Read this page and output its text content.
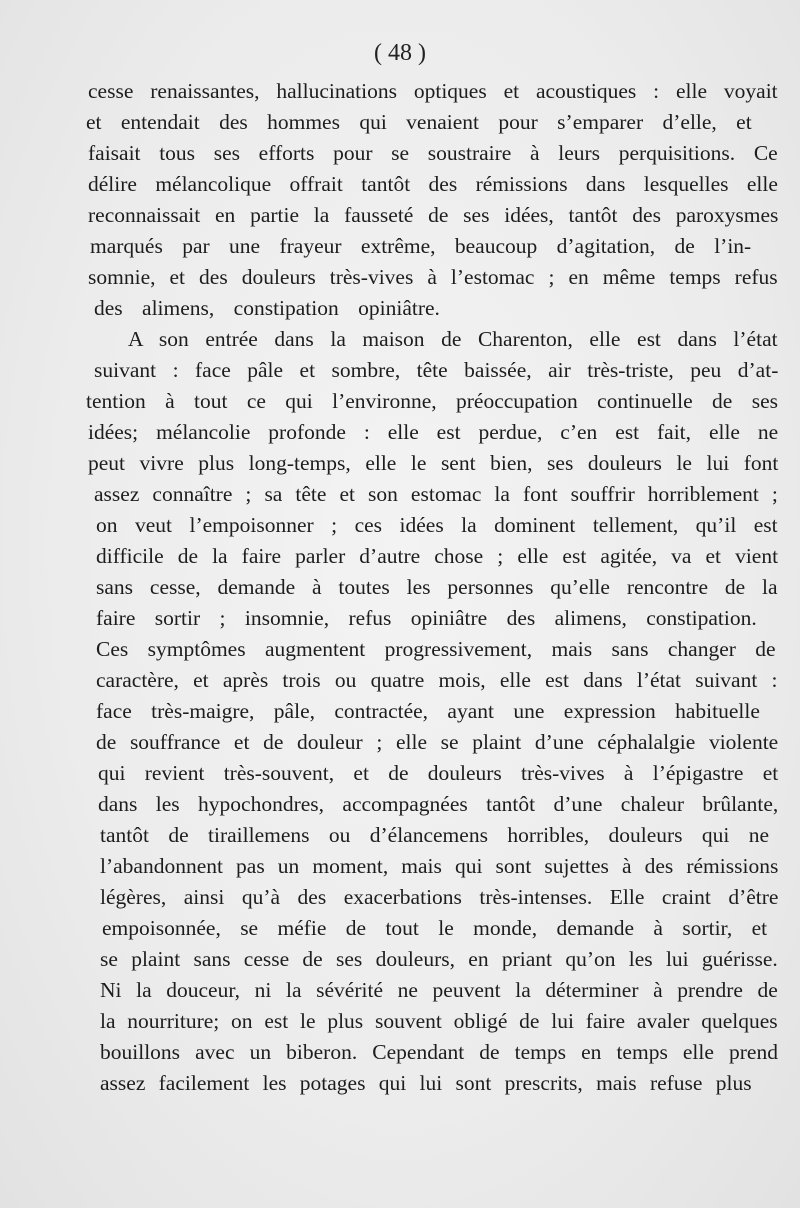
( 48 )
cesse renaissantes, hallucinations optiques et acoustiques : elle voyait
et entendait des hommes qui venaient pour s’emparer d’elle, et
faisait tous ses efforts pour se soustraire à leurs perquisitions. Ce
délire mélancolique offrait tantôt des rémissions dans lesquelles elle
reconnaissait en partie la fausseté de ses idées, tantôt des paroxysmes
marqués par une frayeur extrême, beaucoup d’agitation, de l’in-
somnie, et des douleurs très-vives à l’estomac ; en même temps refus
des alimens, constipation opiniâtre.
A son entrée dans la maison de Charenton, elle est dans l’état
suivant : face pâle et sombre, tête baissée, air très-triste, peu d’at-
tention à tout ce qui l’environne, préoccupation continuelle de ses
idées; mélancolie profonde : elle est perdue, c’en est fait, elle ne
peut vivre plus long-temps, elle le sent bien, ses douleurs le lui font
assez connaître ; sa tête et son estomac la font souffrir horriblement ;
on veut l’empoisonner ; ces idées la dominent tellement, qu’il est
difficile de la faire parler d’autre chose ; elle est agitée, va et vient
sans cesse, demande à toutes les personnes qu’elle rencontre de la
faire sortir ; insomnie, refus opiniâtre des alimens, constipation.
Ces symptômes augmentent progressivement, mais sans changer de
caractère, et après trois ou quatre mois, elle est dans l’état suivant :
face très-maigre, pâle, contractée, ayant une expression habituelle
de souffrance et de douleur ; elle se plaint d’une céphalalgie violente
qui revient très-souvent, et de douleurs très-vives à l’épigastre et
dans les hypochondres, accompagnées tantôt d’une chaleur brûlante,
tantôt de tiraillemens ou d’élancemens horribles, douleurs qui ne
l’abandonnent pas un moment, mais qui sont sujettes à des rémissions
légères, ainsi qu’à des exacerbations très-intenses. Elle craint d’être
empoisonnée, se méfie de tout le monde, demande à sortir, et
se plaint sans cesse de ses douleurs, en priant qu’on les lui guérisse.
Ni la douceur, ni la sévérité ne peuvent la déterminer à prendre de
la nourriture; on est le plus souvent obligé de lui faire avaler quelques
bouillons avec un biberon. Cependant de temps en temps elle prend
assez facilement les potages qui lui sont prescrits, mais refuse plus
